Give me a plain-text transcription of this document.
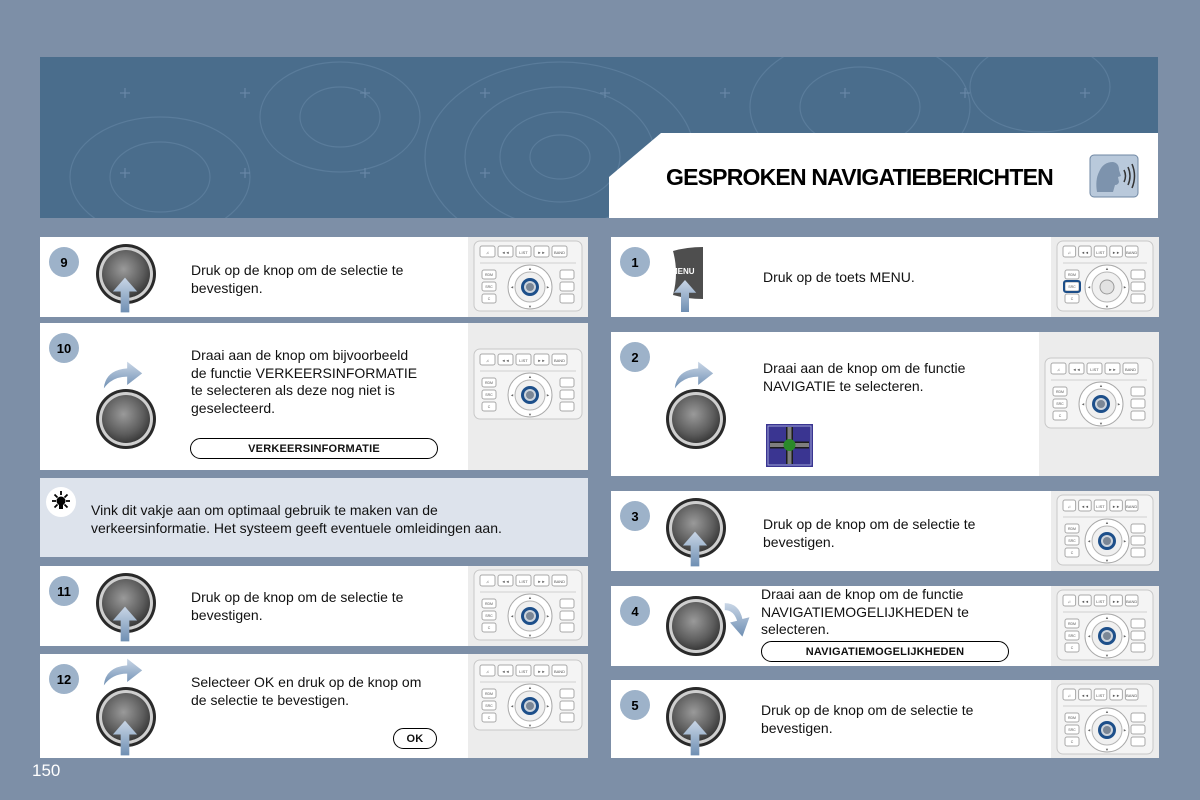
GESPROKEN NAVIGATIEBERICHTEN
9	Druk op de knop om de selectie te
bevestigen.
♫	◄◄ LIST ►► BAND
RDM
SRC
C
▲
▼
◄	►
10	Draai aan de knop om bijvoorbeeld
de functie VERKEERSINFORMATIE
te selecteren als deze nog niet is
geselecteerd.
VERKEERSINFORMATIE
♫	◄◄ LIST ►► BAND
RDM
SRC
C
▲
▼
◄	►
Vink dit vakje aan om optimaal gebruik te maken van de
verkeersinformatie. Het systeem geeft eventuele omleidingen aan.
11	Druk op de knop om de selectie te
bevestigen.
♫	◄◄ LIST ►► BAND
RDM
SRC
C
▲
▼
◄	►
12	Selecteer OK en druk op de knop om
de selectie te bevestigen.
OK
♫	◄◄ LIST ►► BAND
RDM
SRC
C
▲
▼
◄	►
1
MENU	Druk op de toets MENU.
♫	◄◄ LIST ►► BAND
RDM
SRC
C
▲
▼
◄	►
2
Draai aan de knop om de functie
NAVIGATIE te selecteren.
♫	◄◄ LIST ►► BAND
RDM
SRC
C
▲
▼
◄	►
3	Druk op de knop om de selectie te
bevestigen.
♫	◄◄ LIST ►► BAND
RDM
SRC
C
▲
▼
◄	►
4
Draai aan de knop om de functie
NAVIGATIEMOGELIJKHEDEN te
selecteren.
NAVIGATIEMOGELIJKHEDEN
♫	◄◄ LIST ►► BAND
RDM
SRC
C
▲
▼
◄	►
5	Druk op de knop om de selectie te
bevestigen.
♫	◄◄ LIST ►► BAND
RDM
SRC
C
▲
▼
◄	►
150
